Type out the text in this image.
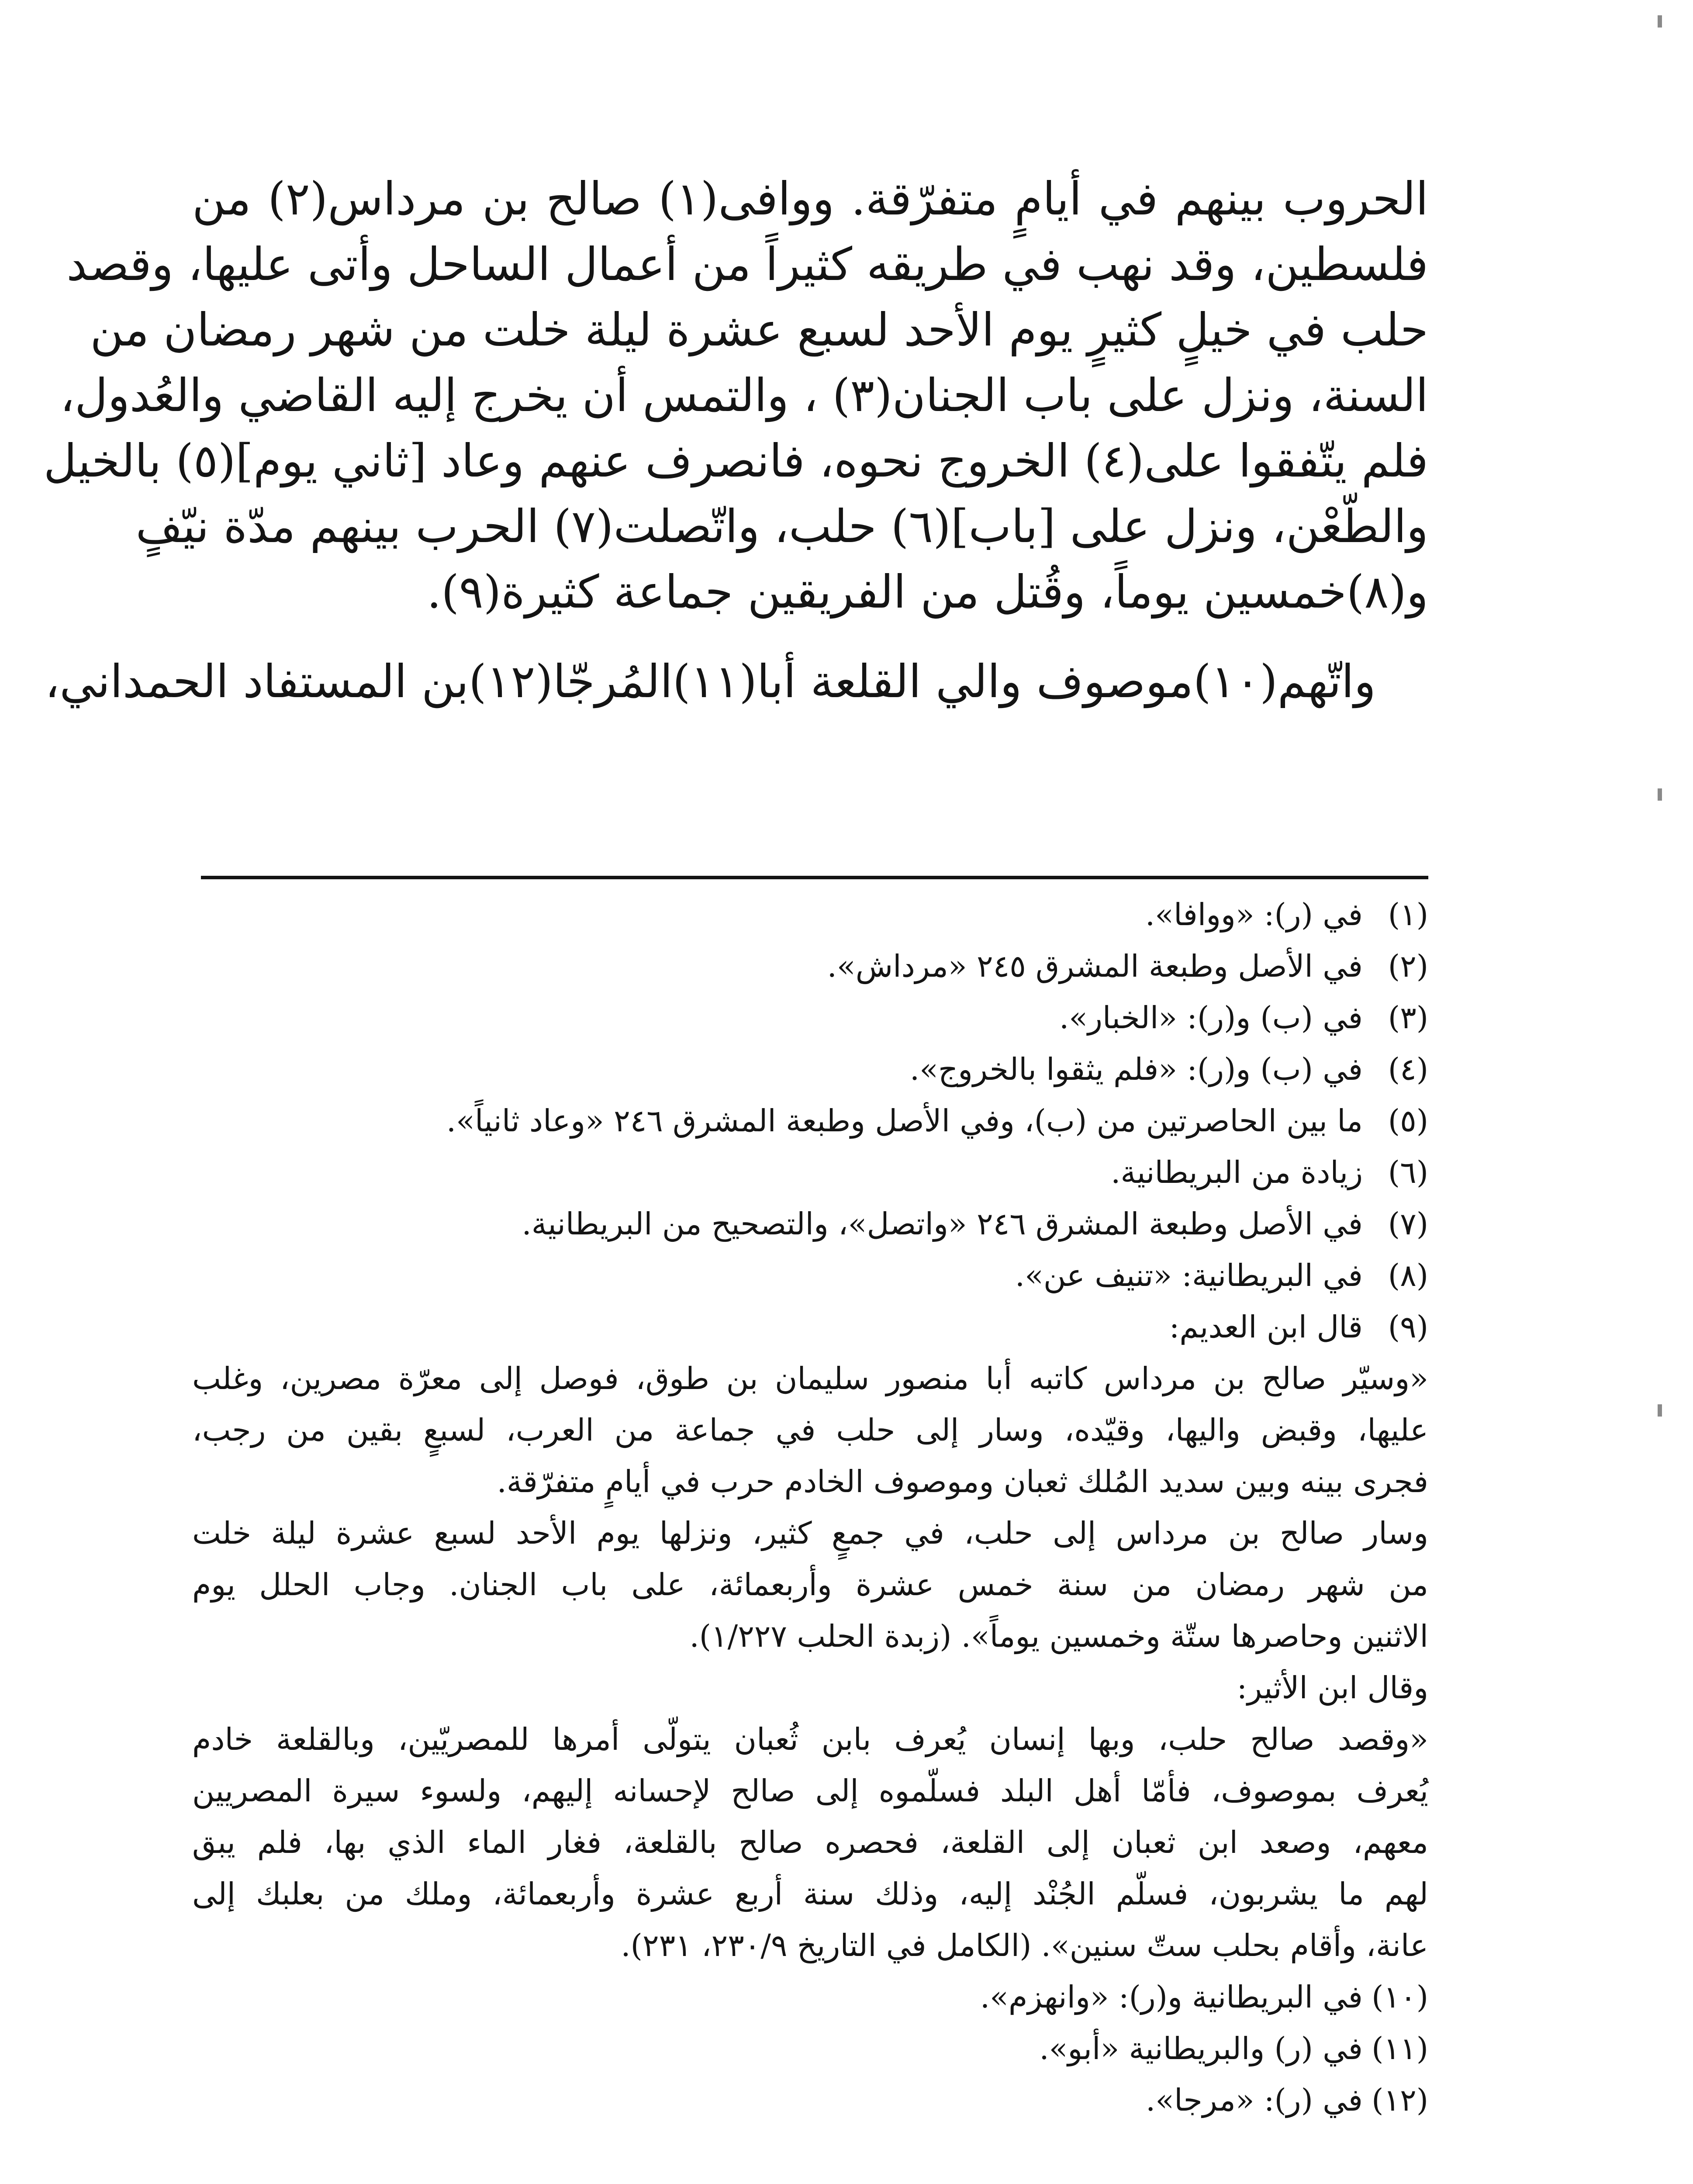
الحروب بينهم في أيامٍ متفرّقة. ووافى(١) صالح بن مرداس(٢) من
فلسطين، وقد نهب في طريقه كثيراً من أعمال الساحل وأتى عليها، وقصد
حلب في خيلٍ كثيرٍ يوم الأحد لسبع عشرة ليلة خلت من شهر رمضان من
السنة، ونزل على باب الجنان(٣) ، والتمس أن يخرج إليه القاضي والعُدول،
فلم يتّفقوا على(٤) الخروج نحوه، فانصرف عنهم وعاد [ثاني يوم](٥) بالخيل
والطّعْن، ونزل على [باب](٦) حلب، واتّصلت(٧) الحرب بينهم مدّة نيّفٍ
و(٨)خمسين يوماً، وقُتل من الفريقين جماعة كثيرة(٩).
واتّهم(١٠)موصوف والي القلعة أبا(١١)المُرجّا(١٢)بن المستفاد الحمداني،
(١)في (ر): «ووافا».
(٢)في الأصل وطبعة المشرق ٢٤٥ «مرداش».
(٣)في (ب) و(ر): «الخبار».
(٤)في (ب) و(ر): «فلم يثقوا بالخروج».
(٥)ما بين الحاصرتين من (ب)، وفي الأصل وطبعة المشرق ٢٤٦ «وعاد ثانياً».
(٦)زيادة من البريطانية.
(٧)في الأصل وطبعة المشرق ٢٤٦ «واتصل»، والتصحيح من البريطانية.
(٨)في البريطانية: «تنيف عن».
(٩)قال ابن العديم:
«وسيّر صالح بن مرداس كاتبه أبا منصور سليمان بن طوق، فوصل إلى معرّة مصرين، وغلب
عليها، وقبض واليها، وقيّده، وسار إلى حلب في جماعة من العرب، لسبعٍ بقين من رجب،
فجرى بينه وبين سديد المُلك ثعبان وموصوف الخادم حرب في أيامٍ متفرّقة.
وسار صالح بن مرداس إلى حلب، في جمعٍ كثير، ونزلها يوم الأحد لسبع عشرة ليلة خلت
من شهر رمضان من سنة خمس عشرة وأربعمائة، على باب الجنان. وجاب الحلل يوم
الاثنين وحاصرها ستّة وخمسين يوماً». (زبدة الحلب ١/٢٢٧).
وقال ابن الأثير:
«وقصد صالح حلب، وبها إنسان يُعرف بابن ثُعبان يتولّى أمرها للمصريّين، وبالقلعة خادم
يُعرف بموصوف، فأمّا أهل البلد فسلّموه إلى صالح لإحسانه إليهم، ولسوء سيرة المصريين
معهم، وصعد ابن ثعبان إلى القلعة، فحصره صالح بالقلعة، فغار الماء الذي بها، فلم يبق
لهم ما يشربون، فسلّم الجُنْد إليه، وذلك سنة أربع عشرة وأربعمائة، وملك من بعلبك إلى
عانة، وأقام بحلب ستّ سنين». (الكامل في التاريخ ٢٣٠/٩، ٢٣١).
(١٠)في البريطانية و(ر): «وانهزم».
(١١)في (ر) والبريطانية «أبو».
(١٢)في (ر): «مرجا».
